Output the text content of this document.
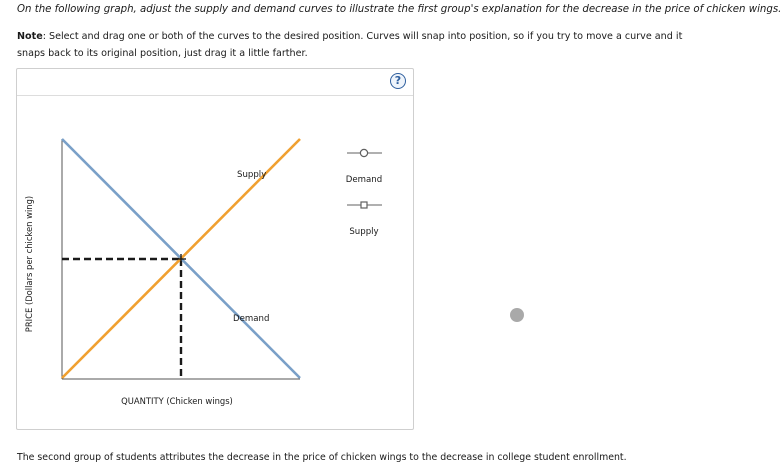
On the following graph, adjust the supply and demand curves to illustrate the first group's explanation for the decrease in the price of chicken wings.
Note: Select and drag one or both of the curves to the desired position. Curves will snap into position, so if you try to move a curve and it snaps back to its original position, just drag it a little farther.
?
PRICE (Dollars per chicken wing)
Supply
Demand
QUANTITY (Chicken wings)
Demand
Supply
The second group of students attributes the decrease in the price of chicken wings to the decrease in college student enrollment.
